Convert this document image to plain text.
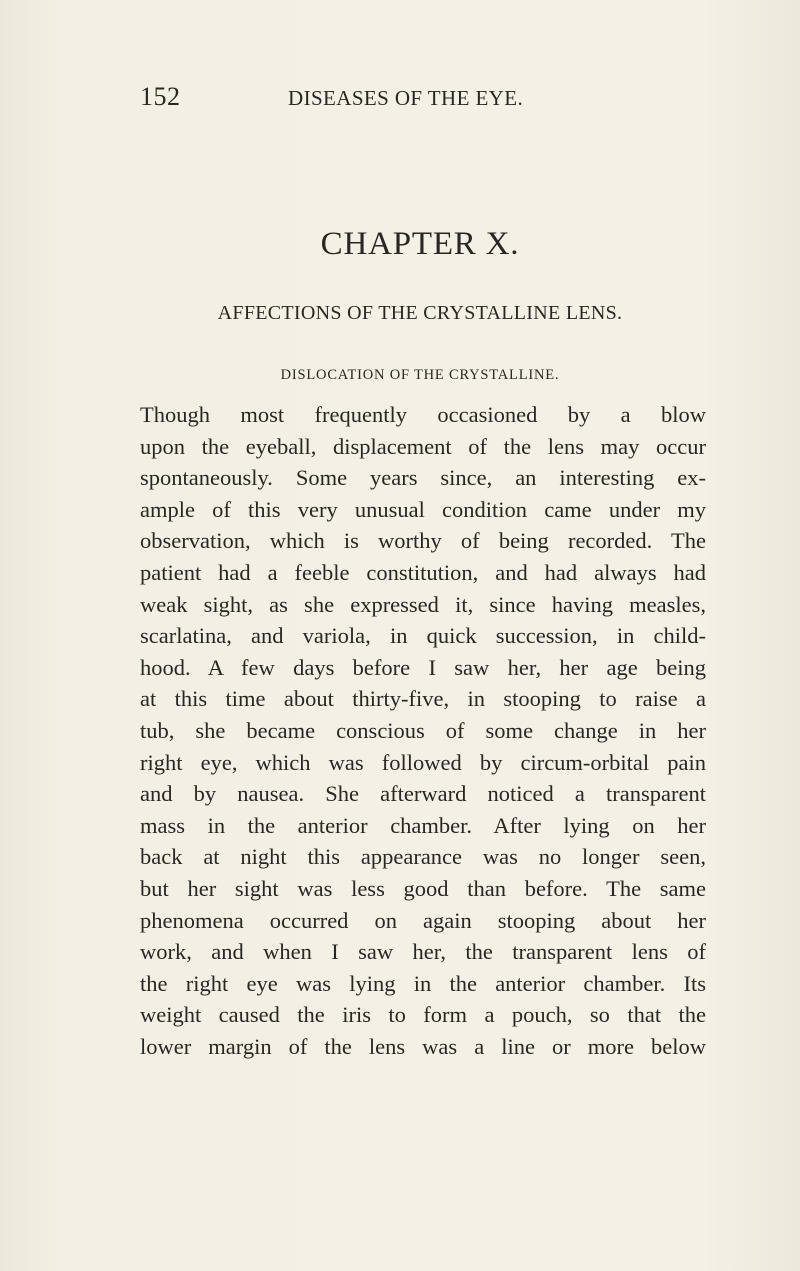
152	DISEASES OF THE EYE.
CHAPTER X.
AFFECTIONS OF THE CRYSTALLINE LENS.
DISLOCATION OF THE CRYSTALLINE.
Though most frequently occasioned by a blow
upon the eyeball, displacement of the lens may occur
spontaneously. Some years since, an interesting ex-
ample of this very unusual condition came under my
observation, which is worthy of being recorded. The
patient had a feeble constitution, and had always had
weak sight, as she expressed it, since having measles,
scarlatina, and variola, in quick succession, in child-
hood. A few days before I saw her, her age being
at this time about thirty-five, in stooping to raise a
tub, she became conscious of some change in her
right eye, which was followed by circum-orbital pain
and by nausea. She afterward noticed a transparent
mass in the anterior chamber. After lying on her
back at night this appearance was no longer seen,
but her sight was less good than before. The same
phenomena occurred on again stooping about her
work, and when I saw her, the transparent lens of
the right eye was lying in the anterior chamber. Its
weight caused the iris to form a pouch, so that the
lower margin of the lens was a line or more below
